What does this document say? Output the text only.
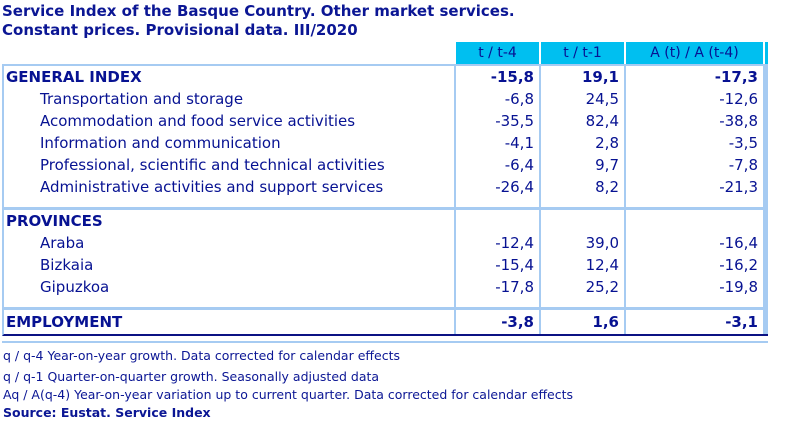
Service Index of the Basque Country. Other market services.
Constant prices. Provisional data. III/2020
t / t-4	t / t-1	A (t) / A (t-4)
GENERAL INDEX	-15,8	19,1	-17,3
Transportation and storage	-6,8	24,5	-12,6
Acommodation and food service activities	-35,5	82,4	-38,8
Information and communication	-4,1	2,8	-3,5
Professional, scientific and technical activities	-6,4	9,7	-7,8
Administrative activities and support services	-26,4	8,2	-21,3
PROVINCES
Araba	-12,4	39,0	-16,4
Bizkaia	-15,4	12,4	-16,2
Gipuzkoa	-17,8	25,2	-19,8
EMPLOYMENT	-3,8	1,6	-3,1
q / q-4 Year-on-year growth. Data corrected for calendar effects
q / q-1 Quarter-on-quarter growth. Seasonally adjusted data
Aq / A(q-4) Year-on-year variation up to current quarter. Data corrected for calendar effects
Source: Eustat. Service Index
